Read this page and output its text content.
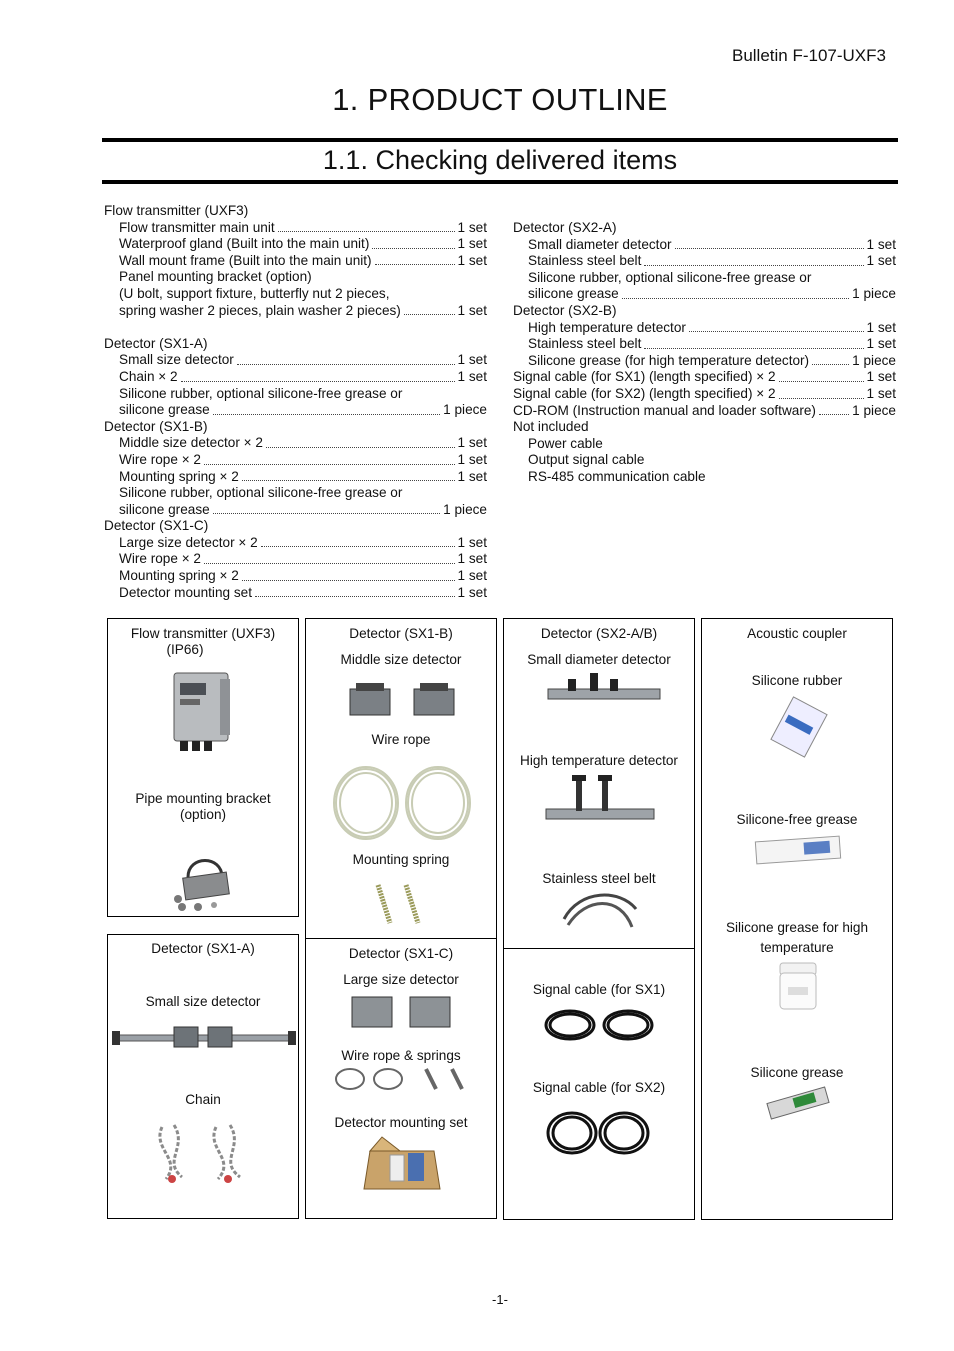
Bulletin F-107-UXF3
1. PRODUCT OUTLINE
1.1. Checking delivered items
Flow transmitter (UXF3)
Flow transmitter main unit	1 set
Waterproof gland (Built into the main unit)	1 set
Wall mount frame (Built into the main unit)	1 set
Panel mounting bracket (option)
(U bolt, support fixture, butterfly nut 2 pieces,
spring washer 2 pieces, plain washer 2 pieces)	1 set
Detector (SX1-A)
Small size detector	1 set
Chain × 2	1 set
Silicone rubber, optional silicone-free grease or
silicone grease	1 piece
Detector (SX1-B)
Middle size detector × 2	1 set
Wire rope × 2	1 set
Mounting spring × 2	1 set
Silicone rubber, optional silicone-free grease or
silicone grease	1 piece
Detector (SX1-C)
Large size detector × 2	1 set
Wire rope × 2	1 set
Mounting spring × 2	1 set
Detector mounting set	1 set
Detector (SX2-A)
Small diameter detector	1 set
Stainless steel belt	1 set
Silicone rubber, optional silicone-free grease or
silicone grease	1 piece
Detector (SX2-B)
High temperature detector	1 set
Stainless steel belt	1 set
Silicone grease (for high temperature detector)	1 piece
Signal cable (for SX1) (length specified) × 2	1 set
Signal cable (for SX2) (length specified) × 2	1 set
CD-ROM (Instruction manual and loader software)	1 piece
Not included
Power cable
Output signal cable
RS-485 communication cable
Flow transmitter (UXF3)
(IP66)
Pipe mounting bracket
(option)
Detector (SX1-A)
Small size detector
Chain
Detector (SX1-B)
Middle size detector
Wire rope
Mounting spring
Detector (SX1-C)
Large size detector
Wire rope & springs
Detector mounting set
Detector (SX2-A/B)
Small diameter detector
High temperature detector
Stainless steel belt
Signal cable (for SX1)
Signal cable (for SX2)
Acoustic coupler
Silicone rubber
Silicone-free grease
Silicone grease for high
temperature
Silicone grease
-1-
